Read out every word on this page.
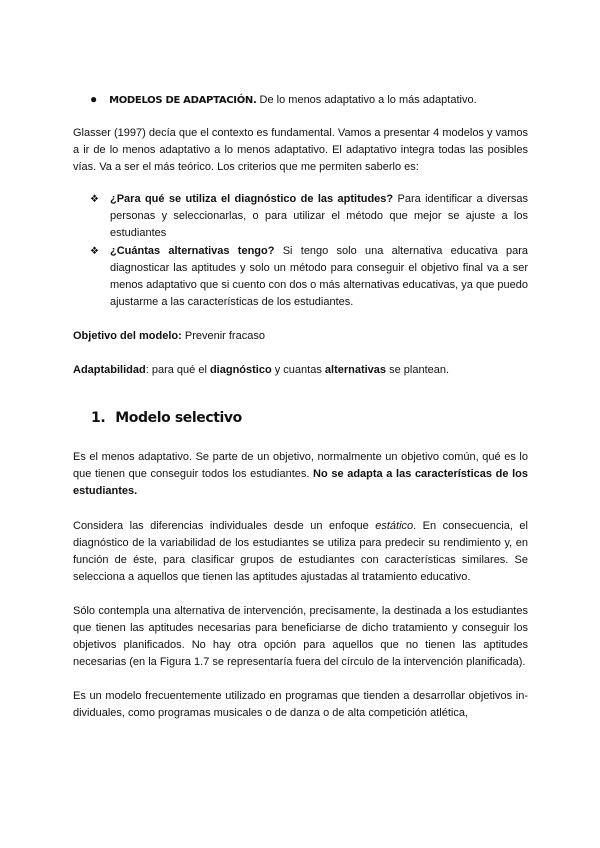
● MODELOS DE ADAPTACIÓN. De lo menos adaptativo a lo más adaptativo.

Glasser (1997) decía que el contexto es fundamental. Vamos a presentar 4 modelos y vamos a ir de lo menos adaptativo a lo menos adaptativo. El adaptativo integra todas las posibles vías. Va a ser el más teórico. Los criterios que me permiten saberlo es:

❖	¿Para qué se utiliza el diagnóstico de las aptitudes? Para identificar a diversas personas y seleccionarlas, o para utilizar el método que mejor se ajuste a los estudiantes
❖	¿Cuántas alternativas tengo? Si tengo solo una alternativa educativa para diagnosticar las aptitudes y solo un método para conseguir el objetivo final va a ser menos adaptativo que si cuento con dos o más alternativas educativas, ya que puedo ajustarme a las características de los estudiantes.

Objetivo del modelo: Prevenir fracaso

Adaptabilidad: para qué el diagnóstico y cuantas alternativas se plantean.

1. Modelo selectivo

Es el menos adaptativo. Se parte de un objetivo, normalmente un objetivo común, qué es lo que tienen que conseguir todos los estudiantes. No se adapta a las características de los estudiantes.

Considera las diferencias individuales desde un enfoque estático. En consecuencia, el diagnóstico de la variabilidad de los estudiantes se utiliza para predecir su rendimiento y, en función de éste, para clasificar grupos de estudiantes con características similares. Se selecciona a aquellos que tienen las aptitudes ajustadas al tratamiento educativo.

Sólo contempla una alternativa de intervención, precisamente, la destinada a los estudiantes que tienen las aptitudes necesarias para beneficiarse de dicho tratamiento y conseguir los objetivos planificados. No hay otra opción para aquellos que no tienen las aptitudes necesarias (en la Figura 1.7 se representaría fuera del círculo de la intervención planificada).

Es un modelo frecuentemente utilizado en programas que tienden a desarrollar objetivos in-dividuales, como programas musicales o de danza o de alta competición atlética,
